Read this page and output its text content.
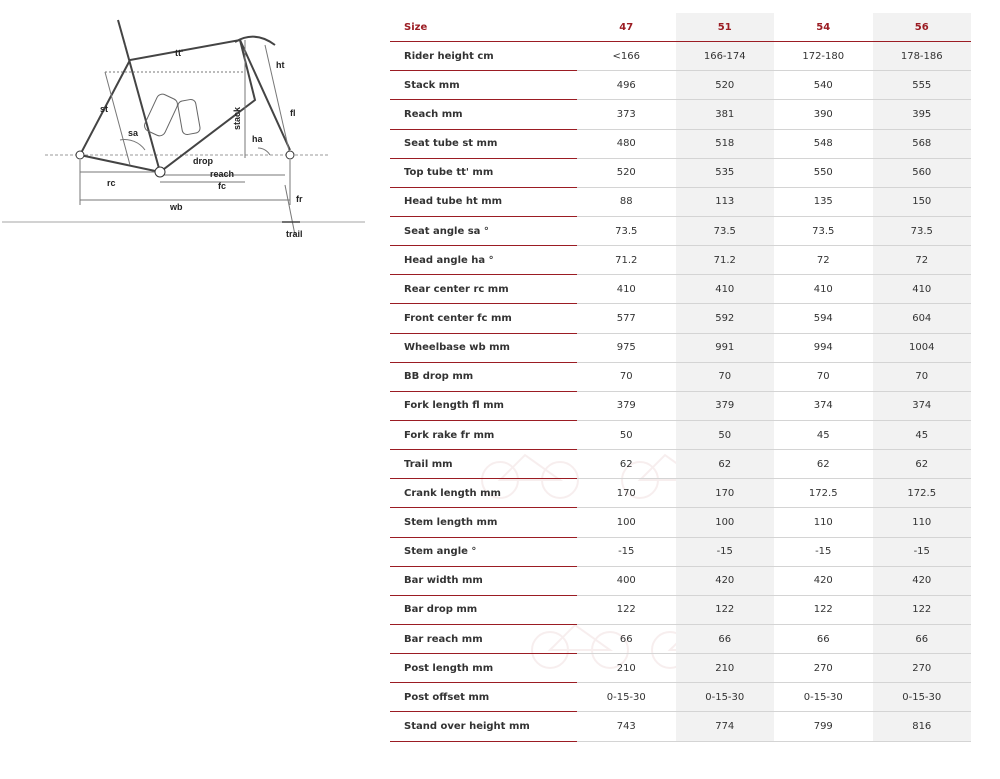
tt'
ht
st	stack	fl
sa
ha
drop
reach
rc	fc
wb
fr
trail
Size	47	51	54	56
Rider height cm	<166	166-174	172-180	178-186
Stack mm	496	520	540	555
Reach mm	373	381	390	395
Seat tube st mm	480	518	548	568
Top tube tt' mm	520	535	550	560
Head tube ht mm	88	113	135	150
Seat angle sa °	73.5	73.5	73.5	73.5
Head angle ha °	71.2	71.2	72	72
Rear center rc mm	410	410	410	410
Front center fc mm	577	592	594	604
Wheelbase wb mm	975	991	994	1004
BB drop mm	70	70	70	70
Fork length fl mm	379	379	374	374
Fork rake fr mm	50	50	45	45
Trail mm	62	62	62	62
Crank length mm	170	170	172.5	172.5
Stem length mm	100	100	110	110
Stem angle °	-15	-15	-15	-15
Bar width mm	400	420	420	420
Bar drop mm	122	122	122	122
Bar reach mm	66	66	66	66
Post length mm	210	210	270	270
Post offset mm	0-15-30	0-15-30	0-15-30	0-15-30
Stand over height mm	743	774	799	816
